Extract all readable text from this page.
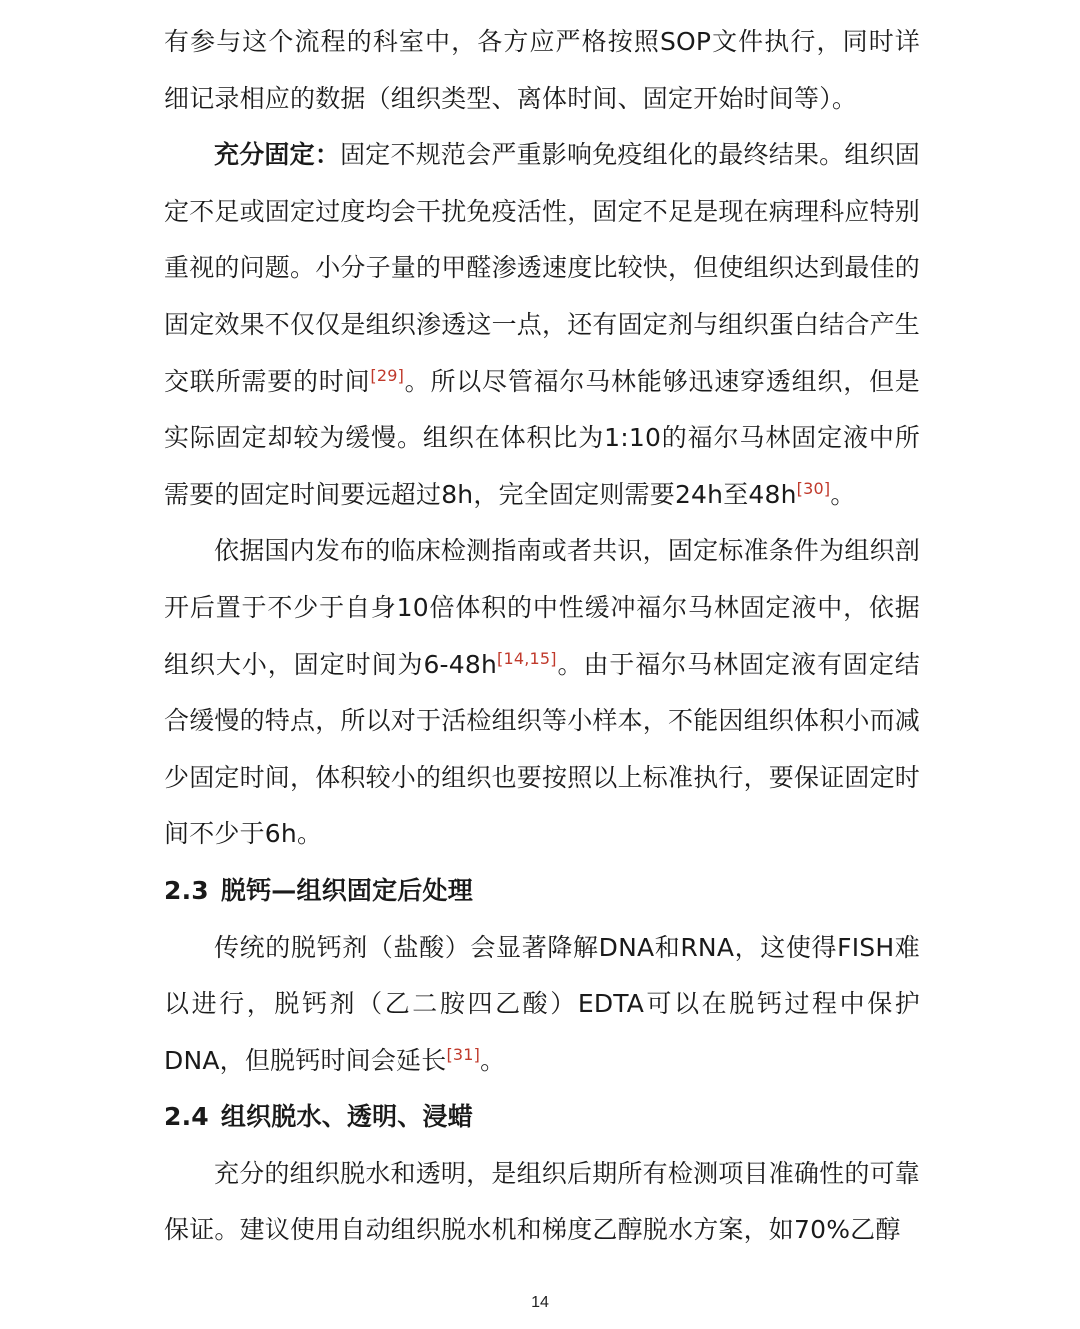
有参与这个流程的科室中，各方应严格按照SOP文件执行，同时详细记录相应的数据（组织类型、离体时间、固定开始时间等）。

充分固定：固定不规范会严重影响免疫组化的最终结果。组织固定不足或固定过度均会干扰免疫活性，固定不足是现在病理科应特别重视的问题。小分子量的甲醛渗透速度比较快，但使组织达到最佳的固定效果不仅仅是组织渗透这一点，还有固定剂与组织蛋白结合产生交联所需要的时间[29]。所以尽管福尔马林能够迅速穿透组织，但是实际固定却较为缓慢。组织在体积比为1:10的福尔马林固定液中所需要的固定时间要远超过8h，完全固定则需要24h至48h[30]。

依据国内发布的临床检测指南或者共识，固定标准条件为组织剖开后置于不少于自身10倍体积的中性缓冲福尔马林固定液中，依据组织大小，固定时间为6-48h[14,15]。由于福尔马林固定液有固定结合缓慢的特点，所以对于活检组织等小样本，不能因组织体积小而减少固定时间，体积较小的组织也要按照以上标准执行，要保证固定时间不少于6h。

2.3 脱钙—组织固定后处理

传统的脱钙剂（盐酸）会显著降解DNA和RNA，这使得FISH难以进行，脱钙剂（乙二胺四乙酸）EDTA可以在脱钙过程中保护DNA，但脱钙时间会延长[31]。

2.4 组织脱水、透明、浸蜡

充分的组织脱水和透明，是组织后期所有检测项目准确性的可靠保证。建议使用自动组织脱水机和梯度乙醇脱水方案，如70%乙醇

14
